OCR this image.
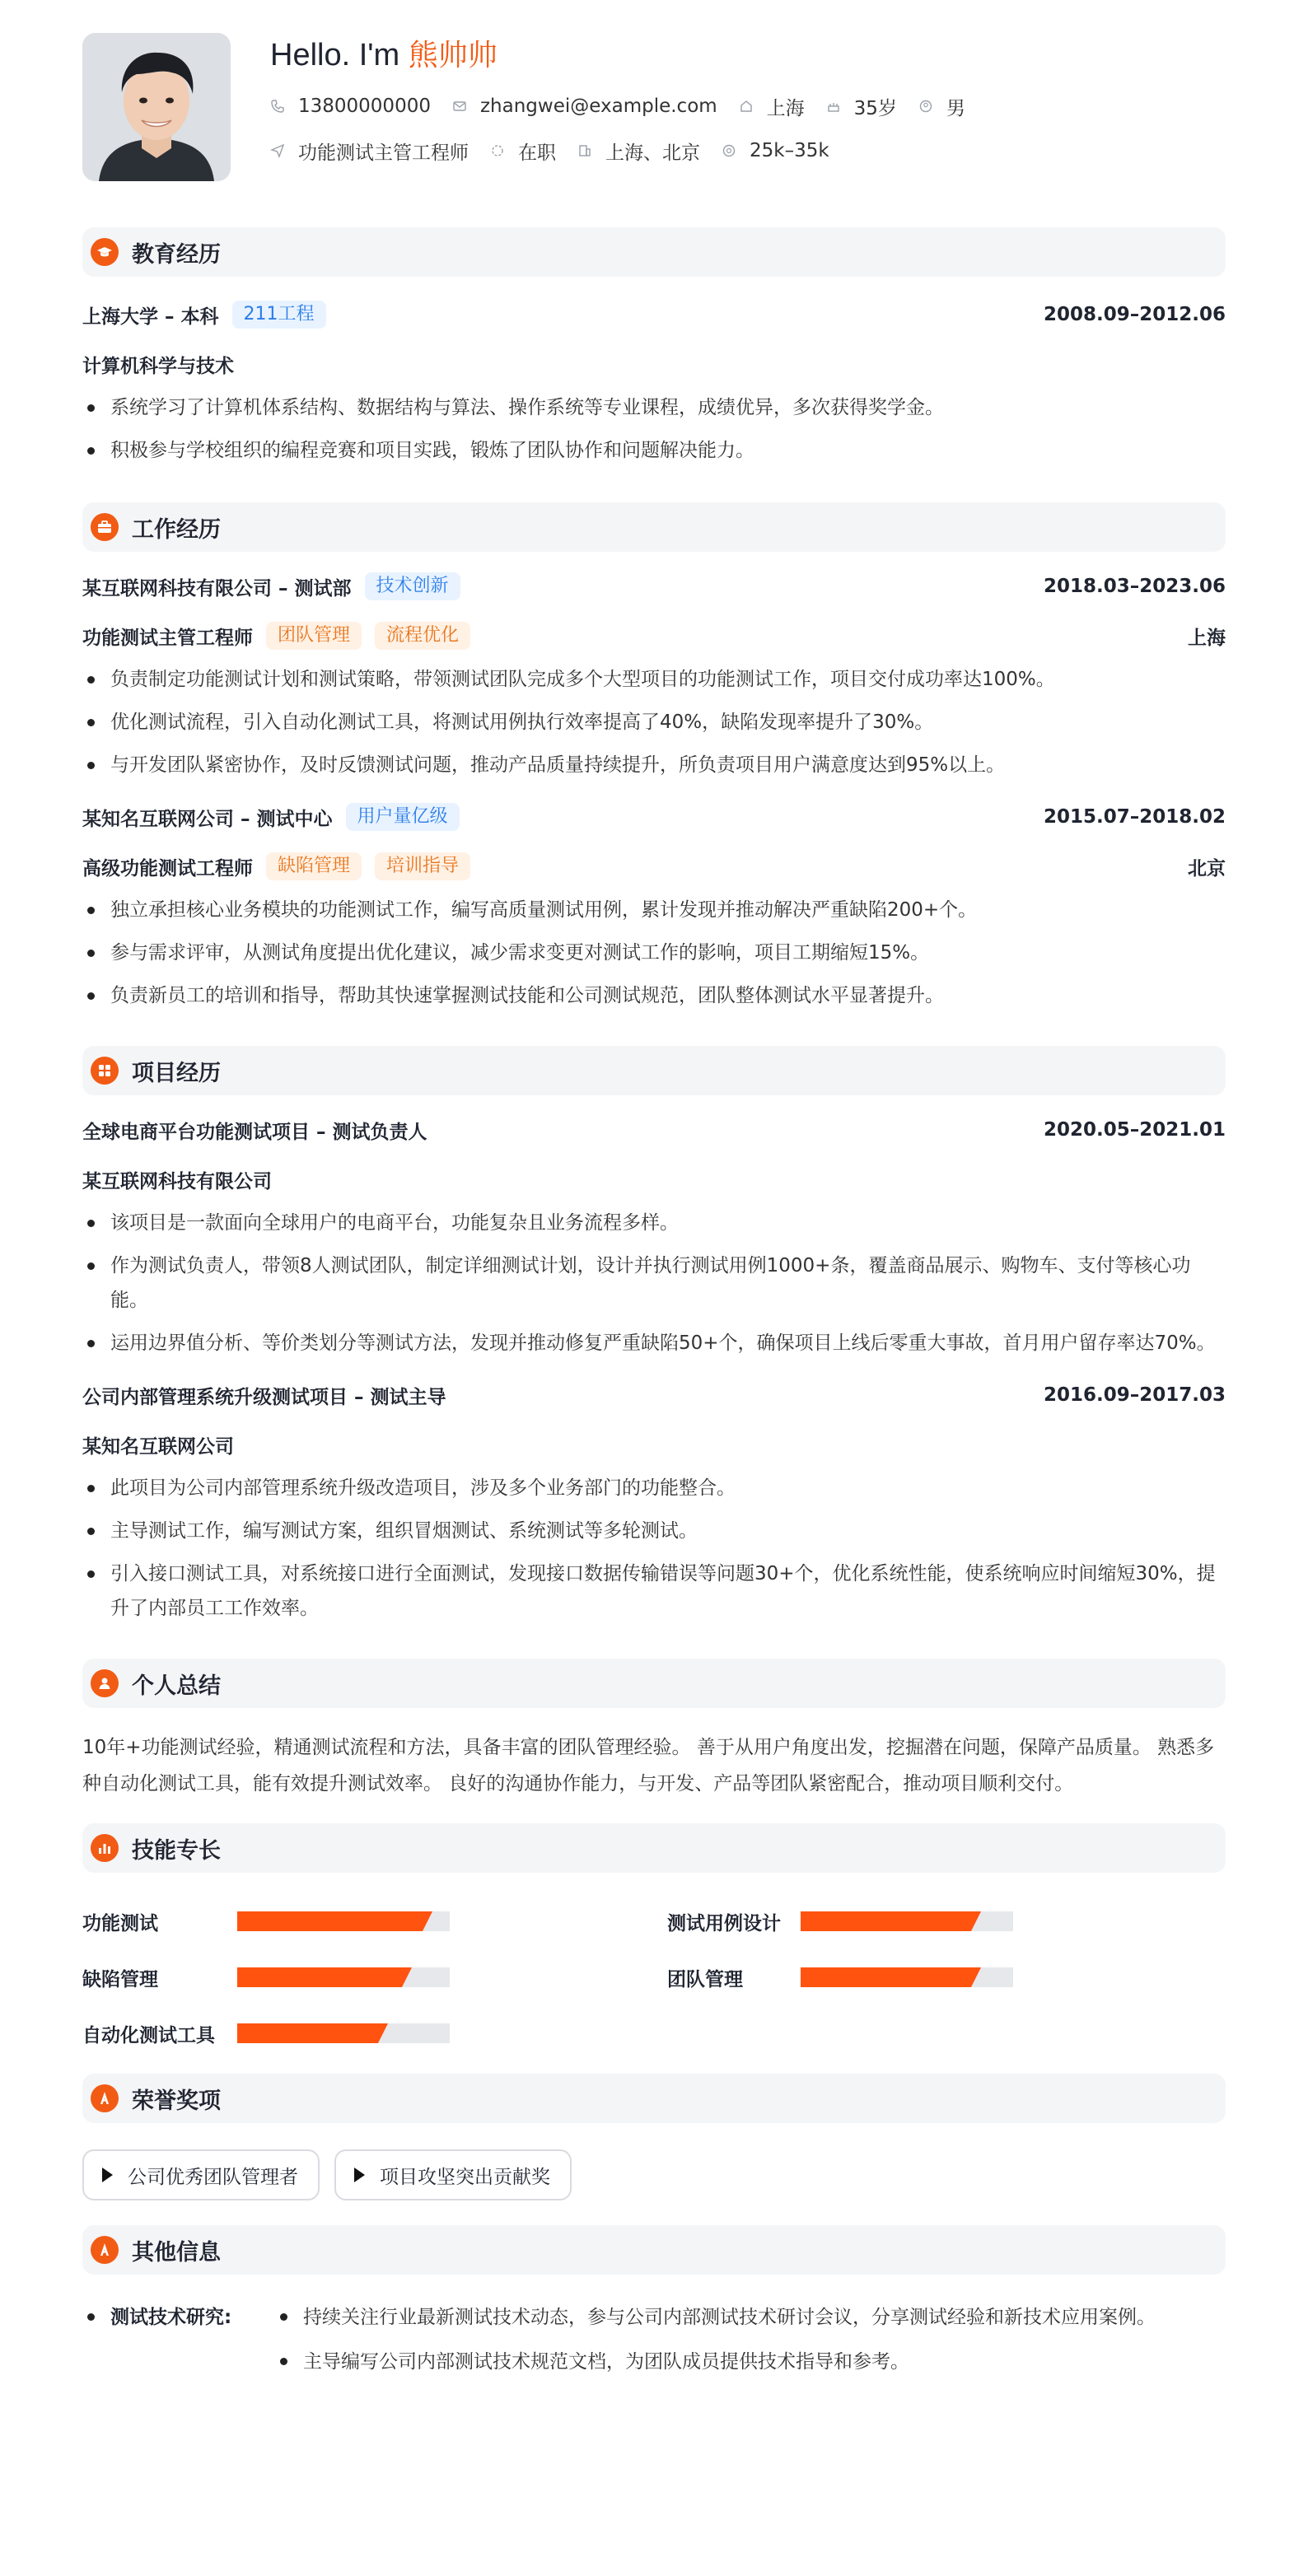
Hello. I'm 熊帅帅
13800000000	zhangwei@example.com	上海	35岁	男
功能测试主管工程师	在职	上海、北京	25k–35k
教育经历
上海大学 – 本科	211工程	2008.09–2012.06
计算机科学与技术
系统学习了计算机体系结构、数据结构与算法、操作系统等专业课程，成绩优异，多次获得奖学金。
积极参与学校组织的编程竞赛和项目实践，锻炼了团队协作和问题解决能力。
工作经历
某互联网科技有限公司 – 测试部	技术创新	2018.03–2023.06
功能测试主管工程师	团队管理	流程优化	上海
负责制定功能测试计划和测试策略，带领测试团队完成多个大型项目的功能测试工作，项目交付成功率达100%。
优化测试流程，引入自动化测试工具，将测试用例执行效率提高了40%，缺陷发现率提升了30%。
与开发团队紧密协作，及时反馈测试问题，推动产品质量持续提升，所负责项目用户满意度达到95%以上。
某知名互联网公司 – 测试中心	用户量亿级	2015.07–2018.02
高级功能测试工程师	缺陷管理	培训指导	北京
独立承担核心业务模块的功能测试工作，编写高质量测试用例，累计发现并推动解决严重缺陷200+个。
参与需求评审，从测试角度提出优化建议，减少需求变更对测试工作的影响，项目工期缩短15%。
负责新员工的培训和指导，帮助其快速掌握测试技能和公司测试规范，团队整体测试水平显著提升。
项目经历
全球电商平台功能测试项目 – 测试负责人	2020.05–2021.01
某互联网科技有限公司
该项目是一款面向全球用户的电商平台，功能复杂且业务流程多样。
作为测试负责人，带领8人测试团队，制定详细测试计划，设计并执行测试用例1000+条，覆盖商品展示、购物车、支付等核心功能。
运用边界值分析、等价类划分等测试方法，发现并推动修复严重缺陷50+个，确保项目上线后零重大事故，首月用户留存率达70%。
公司内部管理系统升级测试项目 – 测试主导	2016.09–2017.03
某知名互联网公司
此项目为公司内部管理系统升级改造项目，涉及多个业务部门的功能整合。
主导测试工作，编写测试方案，组织冒烟测试、系统测试等多轮测试。
引入接口测试工具，对系统接口进行全面测试，发现接口数据传输错误等问题30+个，优化系统性能，使系统响应时间缩短30%，提升了内部员工工作效率。
个人总结

10年+功能测试经验，精通测试流程和方法，具备丰富的团队管理经验。 善于从用户角度出发，挖掘潜在问题，保障产品质量。 熟悉多种自动化测试工具，能有效提升测试效率。 良好的沟通协作能力，与开发、产品等团队紧密配合，推动项目顺利交付。

技能专长
功能测试	测试用例设计
缺陷管理	团队管理
自动化测试工具
荣誉奖项
公司优秀团队管理者	项目攻坚突出贡献奖
其他信息
测试技术研究:	持续关注行业最新测试技术动态，参与公司内部测试技术研讨会议，分享测试经验和新技术应用案例。
主导编写公司内部测试技术规范文档，为团队成员提供技术指导和参考。
